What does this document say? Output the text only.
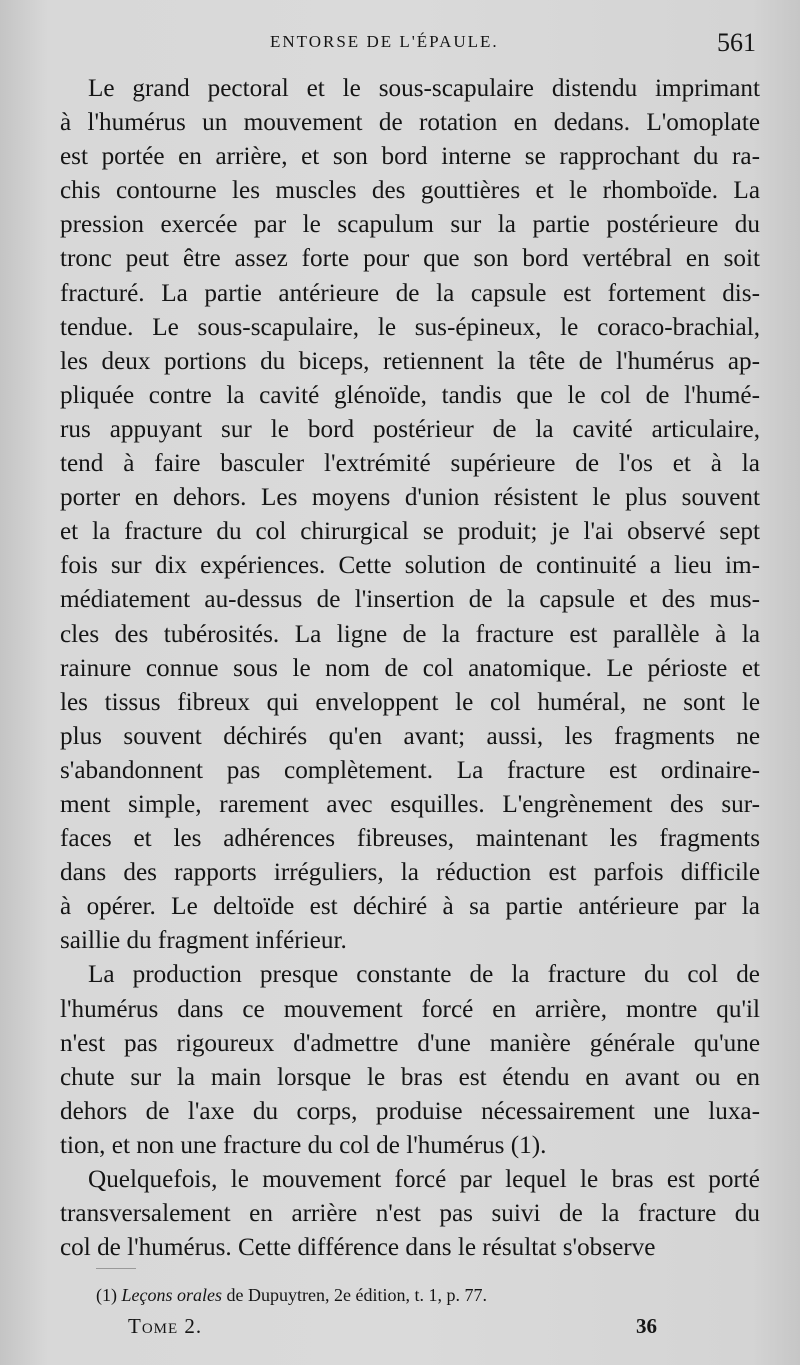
ENTORSE DE L'ÉPAULE.	561
Le grand pectoral et le sous-scapulaire distendu imprimant
à l'humérus un mouvement de rotation en dedans. L'omoplate
est portée en arrière, et son bord interne se rapprochant du ra-
chis contourne les muscles des gouttières et le rhomboïde. La
pression exercée par le scapulum sur la partie postérieure du
tronc peut être assez forte pour que son bord vertébral en soit
fracturé. La partie antérieure de la capsule est fortement dis-
tendue. Le sous-scapulaire, le sus-épineux, le coraco-brachial,
les deux portions du biceps, retiennent la tête de l'humérus ap-
pliquée contre la cavité glénoïde, tandis que le col de l'humé-
rus appuyant sur le bord postérieur de la cavité articulaire,
tend à faire basculer l'extrémité supérieure de l'os et à la
porter en dehors. Les moyens d'union résistent le plus souvent
et la fracture du col chirurgical se produit; je l'ai observé sept
fois sur dix expériences. Cette solution de continuité a lieu im-
médiatement au-dessus de l'insertion de la capsule et des mus-
cles des tubérosités. La ligne de la fracture est parallèle à la
rainure connue sous le nom de col anatomique. Le périoste et
les tissus fibreux qui enveloppent le col huméral, ne sont le
plus souvent déchirés qu'en avant; aussi, les fragments ne
s'abandonnent pas complètement. La fracture est ordinaire-
ment simple, rarement avec esquilles. L'engrènement des sur-
faces et les adhérences fibreuses, maintenant les fragments
dans des rapports irréguliers, la réduction est parfois difficile
à opérer. Le deltoïde est déchiré à sa partie antérieure par la
saillie du fragment inférieur.
La production presque constante de la fracture du col de
l'humérus dans ce mouvement forcé en arrière, montre qu'il
n'est pas rigoureux d'admettre d'une manière générale qu'une
chute sur la main lorsque le bras est étendu en avant ou en
dehors de l'axe du corps, produise nécessairement une luxa-
tion, et non une fracture du col de l'humérus (1).
Quelquefois, le mouvement forcé par lequel le bras est porté
transversalement en arrière n'est pas suivi de la fracture du
col de l'humérus. Cette différence dans le résultat s'observe
(1) Leçons orales de Dupuytren, 2e édition, t. 1, p. 77.
Tome 2.	36
